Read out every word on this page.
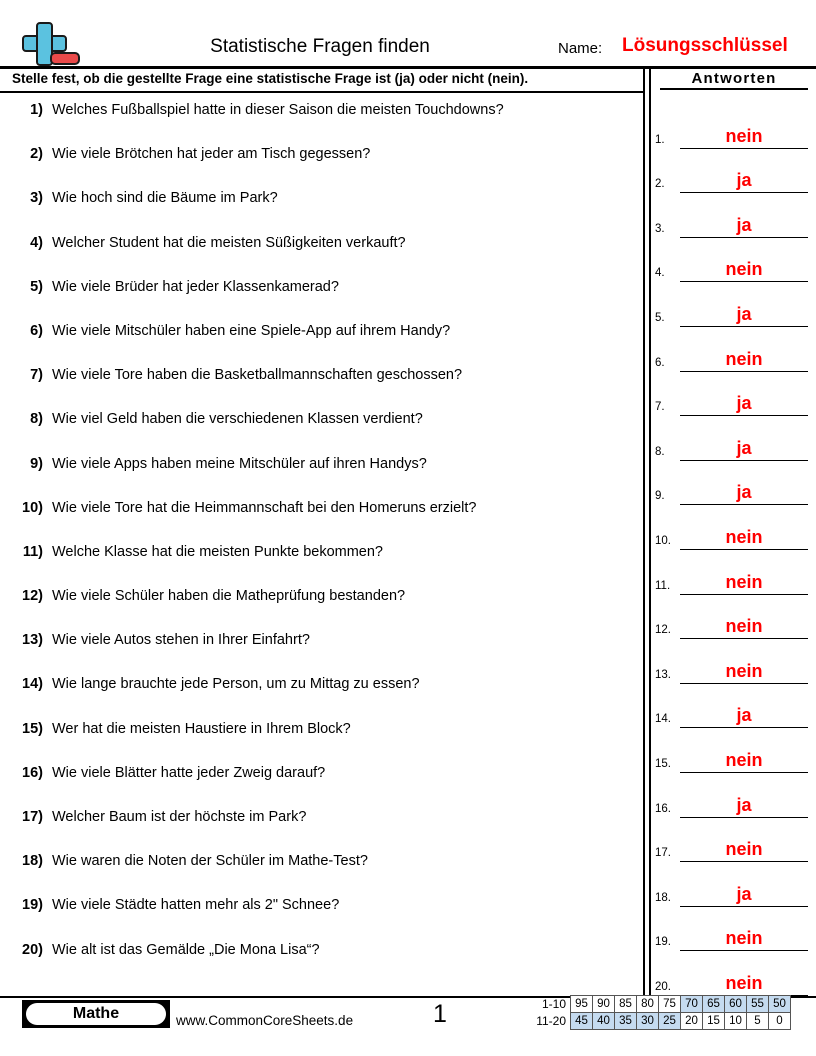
Statistische Fragen finden	Name: Lösungsschlüssel
Stelle fest, ob die gestellte Frage eine statistische Frage ist (ja) oder nicht (nein).
1) Welches Fußballspiel hatte in dieser Saison die meisten Touchdowns?
2) Wie viele Brötchen hat jeder am Tisch gegessen?
3) Wie hoch sind die Bäume im Park?
4) Welcher Student hat die meisten Süßigkeiten verkauft?
5) Wie viele Brüder hat jeder Klassenkamerad?
6) Wie viele Mitschüler haben eine Spiele-App auf ihrem Handy?
7) Wie viele Tore haben die Basketballmannschaften geschossen?
8) Wie viel Geld haben die verschiedenen Klassen verdient?
9) Wie viele Apps haben meine Mitschüler auf ihren Handys?
10) Wie viele Tore hat die Heimmannschaft bei den Homeruns erzielt?
11) Welche Klasse hat die meisten Punkte bekommen?
12) Wie viele Schüler haben die Matheprüfung bestanden?
13) Wie viele Autos stehen in Ihrer Einfahrt?
14) Wie lange brauchte jede Person, um zu Mittag zu essen?
15) Wer hat die meisten Haustiere in Ihrem Block?
16) Wie viele Blätter hatte jeder Zweig darauf?
17) Welcher Baum ist der höchste im Park?
18) Wie waren die Noten der Schüler im Mathe-Test?
19) Wie viele Städte hatten mehr als 2" Schnee?
20) Wie alt ist das Gemälde „Die Mona Lisa“?
Antworten
1.	nein
2.	ja
3.	ja
4.	nein
5.	ja
6.	nein
7.	ja
8.	ja
9.	ja
10.	nein
11.	nein
12.	nein
13.	nein
14.	ja
15.	nein
16.	ja
17.	nein
18.	ja
19.	nein
20.	nein
Mathe	www.CommonCoreSheets.de	1	1-10	95	90	85	80	75	70	65	60	55	50
11-20	45	40	35	30	25	20	15	10	5	0
